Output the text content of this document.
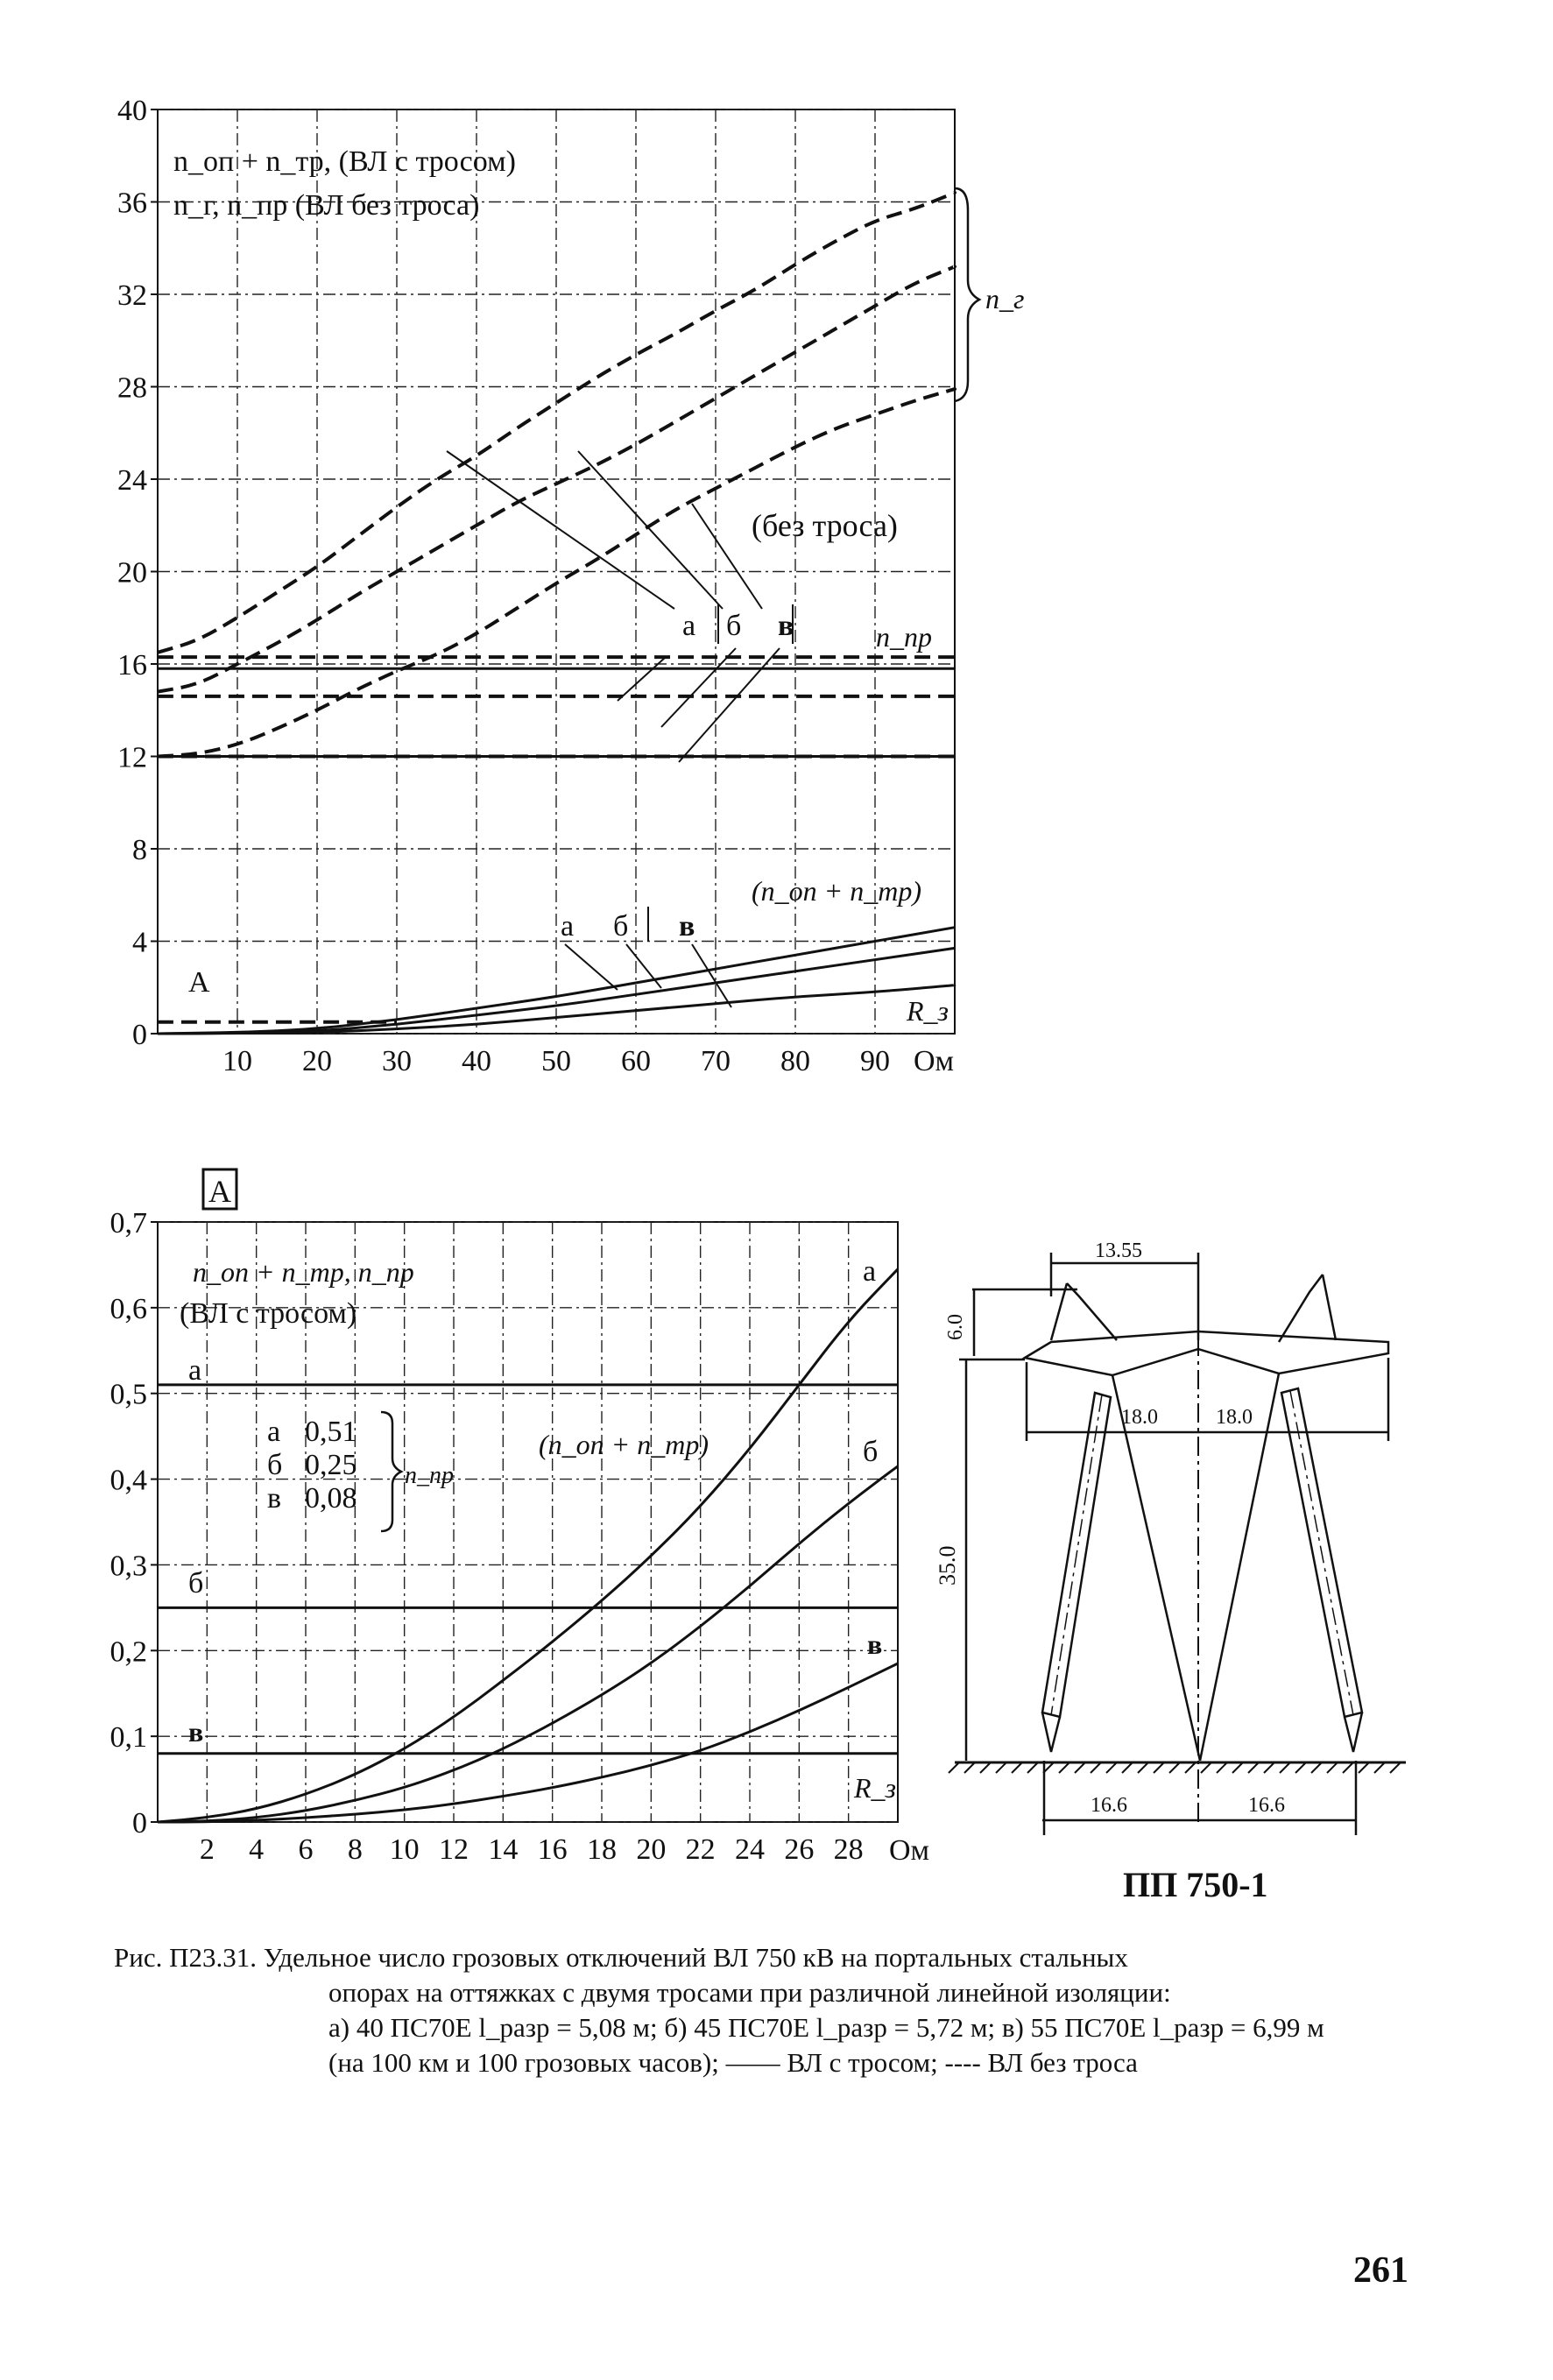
0
4
8
12
16
20
24
28
32
36
40
10 20 30 40 50 60 70 80 90
n_оп + n_тр, (ВЛ с тросом)
n_г, n_пр (ВЛ без троса)
n_г
(без троса)
а б в	n_пр
(n_оп + n_тр)
а б в
A
R_з
Ом
A
0
0,1
0,2
0,3
0,4
0,5
0,6
0,7
2 4 6 8 10 12 14 16 18 20 22 24 26 28
n_оп + n_тр, n_пр
(ВЛ с тросом)
а
б
в
R_з
а
б
в
а 0,51
б 0,25
в 0,08
n_пр
(n_оп + n_тр)
Ом
13.55
6.0
18.0	18.0
35.0
16.6	16.6
ПП 750-1
Рис. П23.31. Удельное число грозовых отключений ВЛ 750 кВ на портальных стальных
опорах на оттяжках с двумя тросами при различной линейной изоляции:
а) 40 ПС70Е l_разр = 5,08 м; б) 45 ПС70Е l_разр = 5,72 м; в) 55 ПС70Е l_разр = 6,99 м
(на 100 км и 100 грозовых часов); —— ВЛ с тросом; ---- ВЛ без троса
261
